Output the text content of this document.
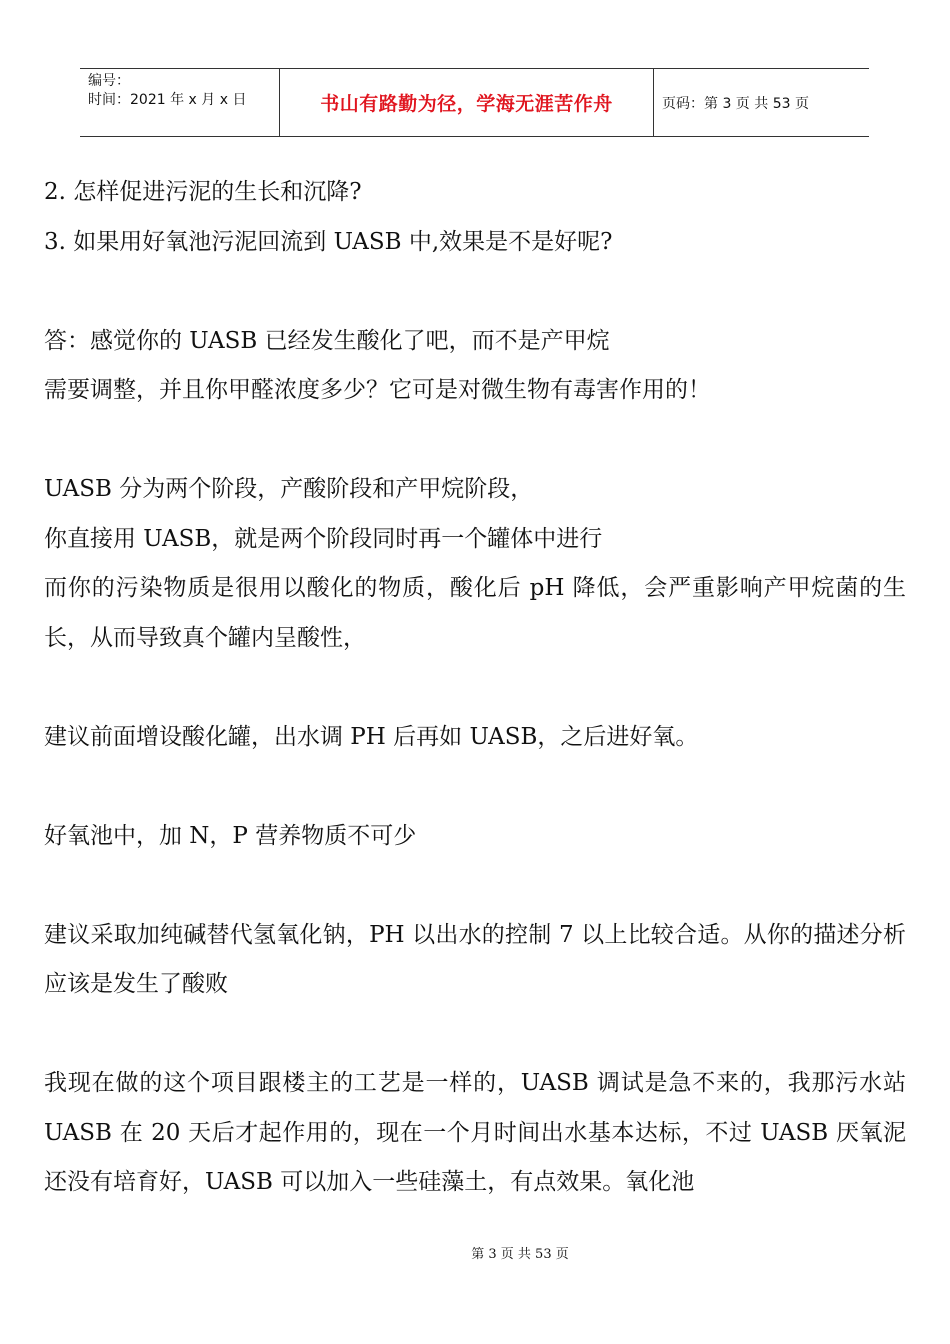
编号：
时间：2021 年 x 月 x 日	书山有路勤为径，学海无涯苦作舟	页码：第 3 页 共 53 页

2. 怎样促进污泥的生长和沉降?

3. 如果用好氧池污泥回流到 UASB 中,效果是不是好呢?

答：感觉你的 UASB 已经发生酸化了吧，而不是产甲烷

需要调整，并且你甲醛浓度多少？它可是对微生物有毒害作用的！

UASB 分为两个阶段，产酸阶段和产甲烷阶段，

你直接用 UASB，就是两个阶段同时再一个罐体中进行

而你的污染物质是很用以酸化的物质，酸化后 pH 降低，会严重影响产甲烷菌的生长，从而导致真个罐内呈酸性，

建议前面增设酸化罐，出水调 PH 后再如 UASB，之后进好氧。

好氧池中，加 N，P 营养物质不可少

建议采取加纯碱替代氢氧化钠，PH 以出水的控制 7 以上比较合适。从你的描述分析应该是发生了酸败

我现在做的这个项目跟楼主的工艺是一样的，UASB 调试是急不来的，我那污水站 UASB 在 20 天后才起作用的，现在一个月时间出水基本达标，不过 UASB 厌氧泥还没有培育好，UASB 可以加入一些硅藻土，有点效果。氧化池

第 3 页 共 53 页
